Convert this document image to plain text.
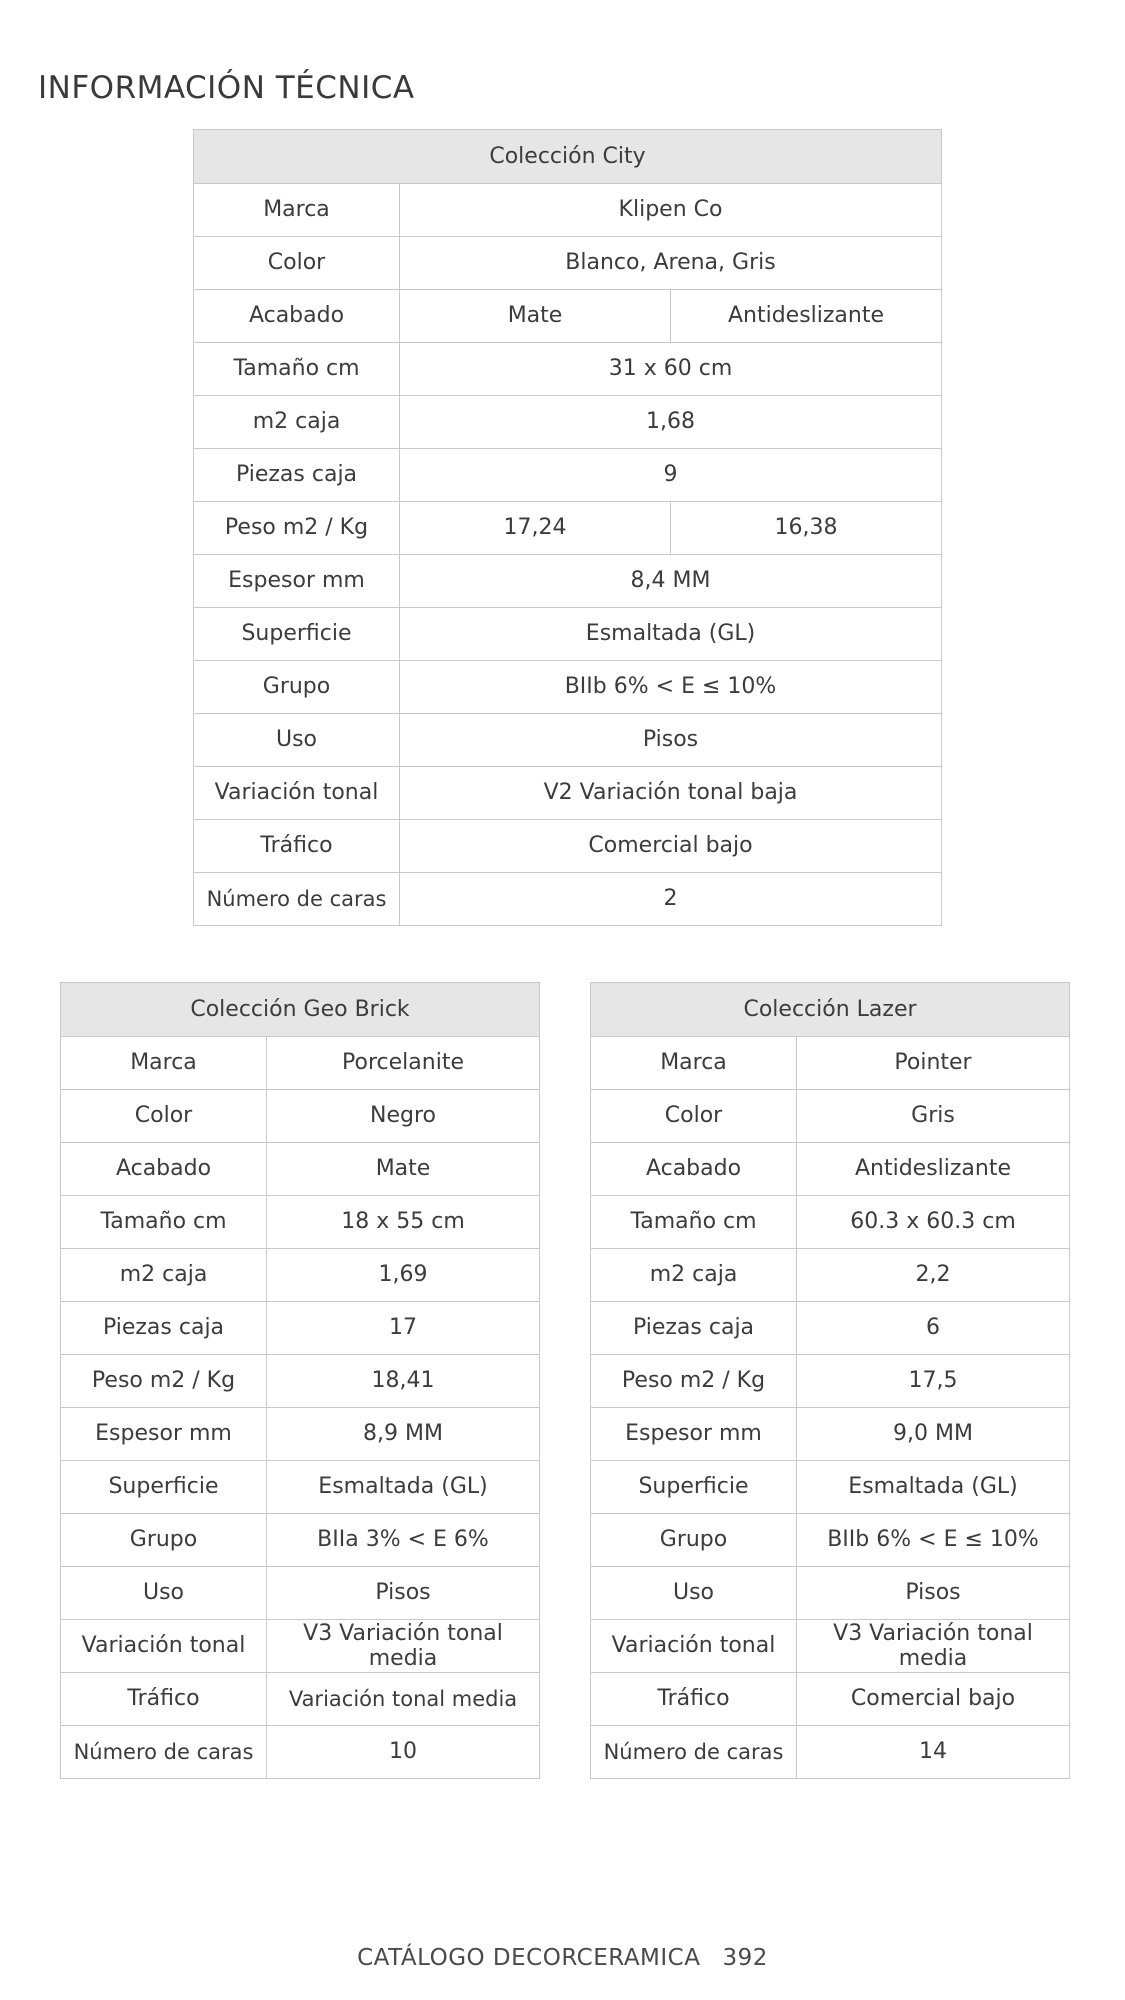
INFORMACIÓN TÉCNICA
Colección City		
Marca	Klipen Co	
Color	Blanco, Arena, Gris	
Acabado	Mate	Antideslizante
Tamaño cm	31 x 60 cm	
m2 caja	1,68	
Piezas caja	9	
Peso m2 / Kg	17,24	16,38
Espesor mm	8,4 MM	
Superficie	Esmaltada (GL)	
Grupo	BIIb 6% < E ≤ 10%	
Uso	Pisos	
Variación tonal	V2 Variación tonal baja	
Tráfico	Comercial bajo	
Número de caras	2	
Colección Geo Brick	
Marca	Porcelanite
Color	Negro
Acabado	Mate
Tamaño cm	18 x 55 cm
m2 caja	1,69
Piezas caja	17
Peso m2 / Kg	18,41
Espesor mm	8,9 MM
Superficie	Esmaltada (GL)
Grupo	BIIa 3% < E 6%
Uso	Pisos
Variación tonal	V3 Variación tonal media
Tráfico	Variación tonal media
Número de caras	10
Colección Lazer	
Marca	Pointer
Color	Gris
Acabado	Antideslizante
Tamaño cm	60.3 x 60.3 cm
m2 caja	2,2
Piezas caja	6
Peso m2 / Kg	17,5
Espesor mm	9,0 MM
Superficie	Esmaltada (GL)
Grupo	BIIb 6% < E ≤ 10%
Uso	Pisos
Variación tonal	V3 Variación tonal media
Tráfico	Comercial bajo
Número de caras	14
CATÁLOGO DECORCERAMICA 392
